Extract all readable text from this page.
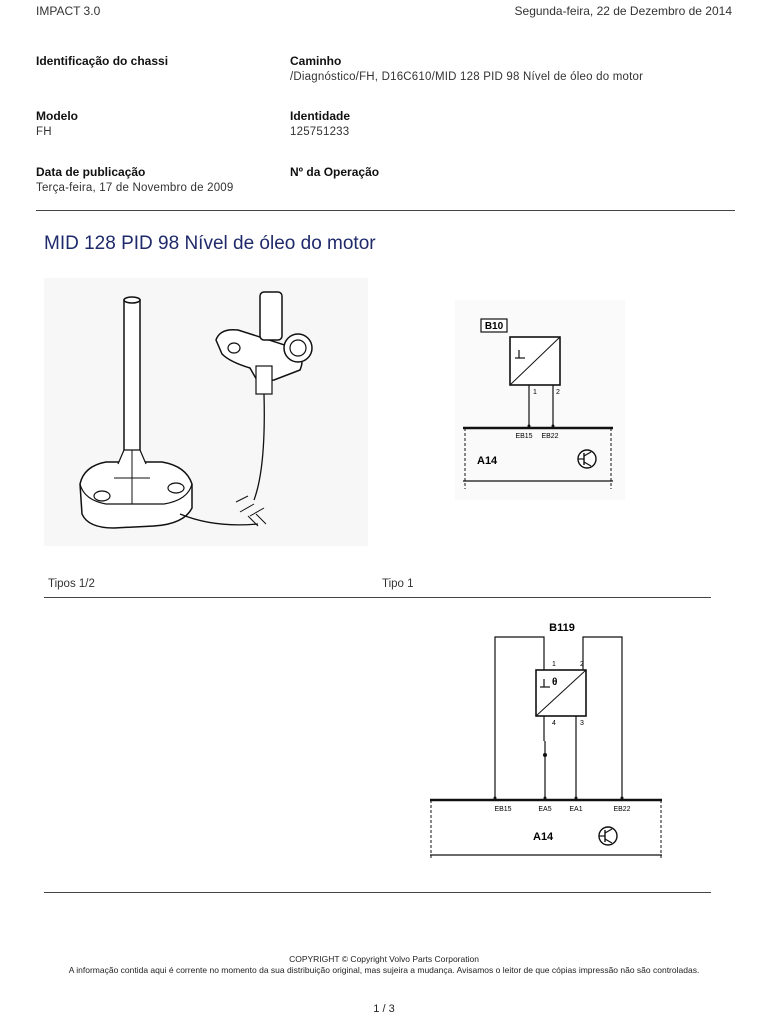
IMPACT 3.0	Segunda-feira, 22 de Dezembro de 2014
Identificação do chassi	Caminho
/Diagnóstico/FH, D16C610/MID 128 PID 98 Nível de óleo do motor
Modelo
FH
Identidade
125751233
Data de publicação
Terça-feira, 17 de Novembro de 2009
Nº da Operação
MID 128 PID 98 Nível de óleo do motor
B10
1	2
EB15 EB22
A14
Tipos 1/2	Tipo 1
B119
θ
1	2
4	3
EB15	EA5	EA1	EB22
A14
COPYRIGHT © Copyright Volvo Parts Corporation
A informação contida aqui é corrente no momento da sua distribuição original, mas sujeira a mudança. Avisamos o leitor de que cópias impressão não são controladas.
1 / 3
